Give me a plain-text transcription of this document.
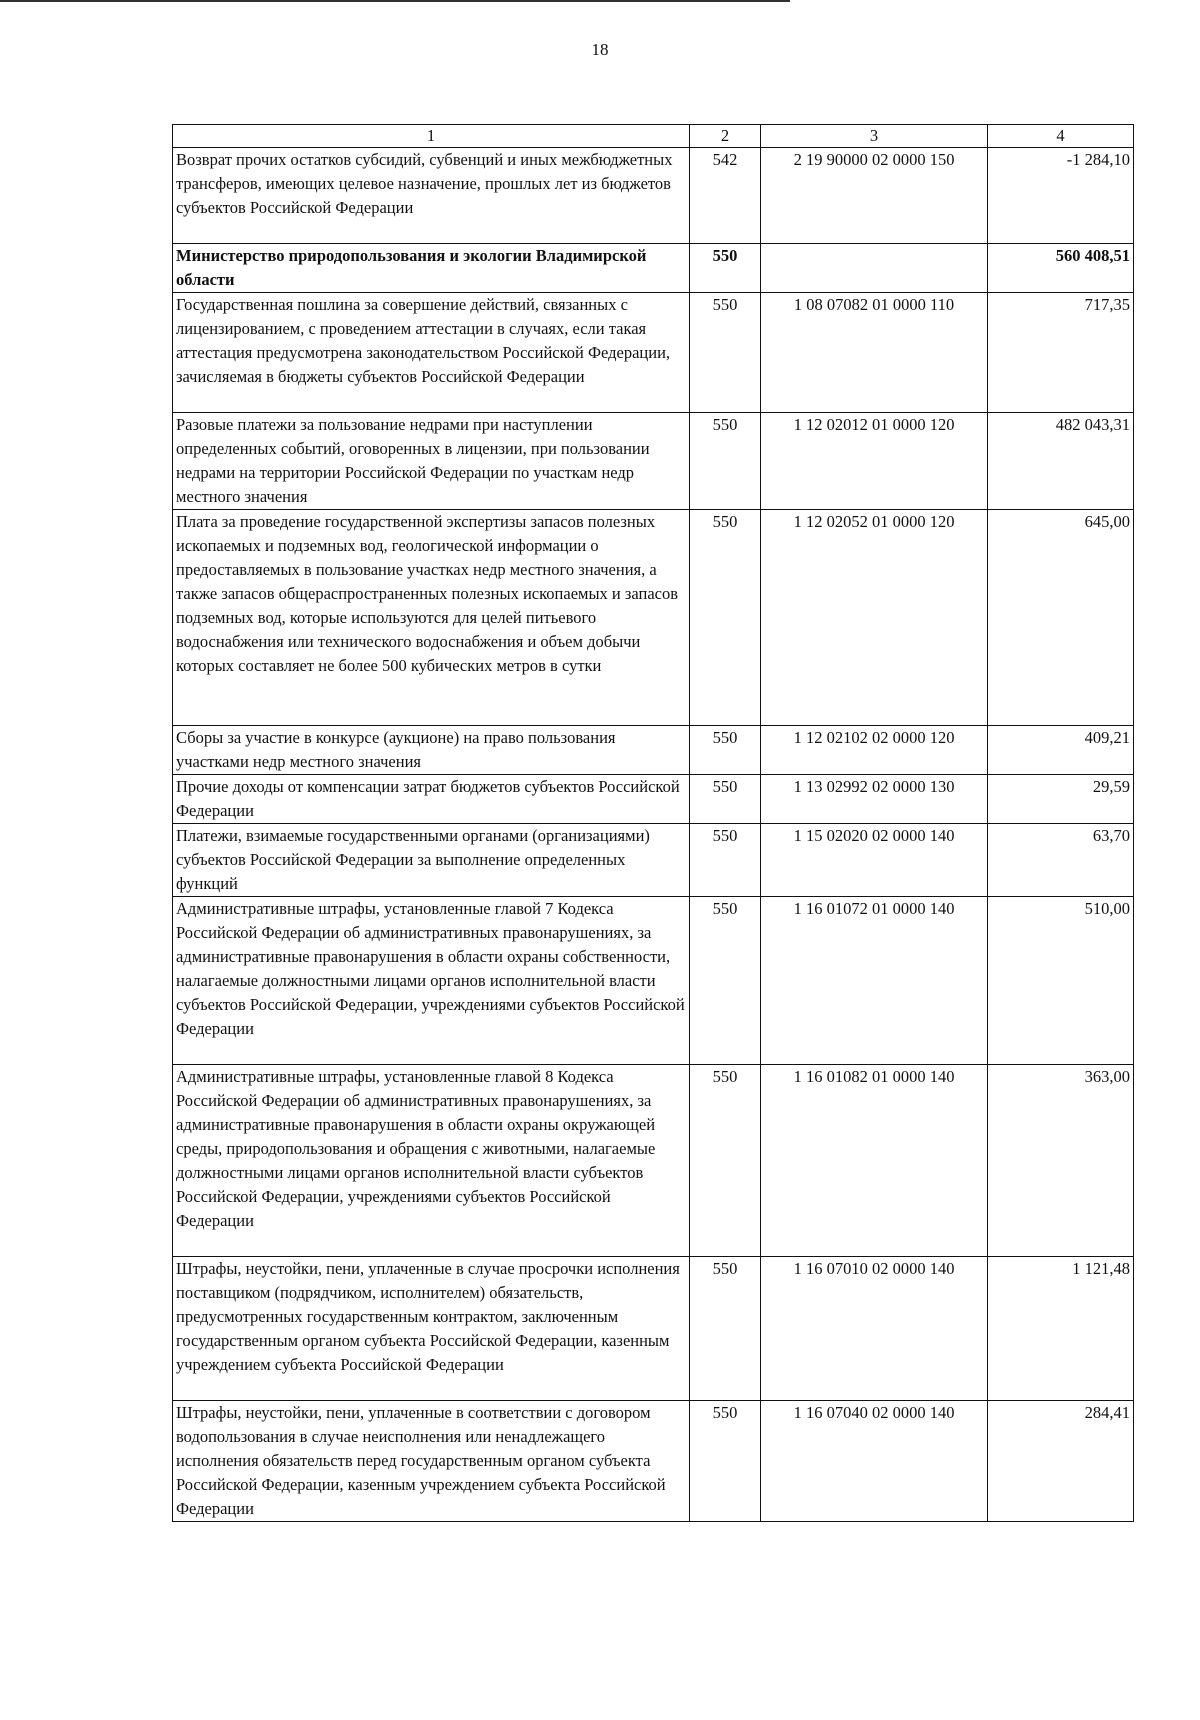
18
1	2	3	4
Возврат прочих остатков субсидий, субвенций и иных межбюджетных трансферов, имеющих целевое назначение, прошлых лет из бюджетов субъектов Российской Федерации	542	2 19 90000 02 0000 150	-1 284,10
Министерство природопользования и экологии Владимирской области	550		560 408,51
Государственная пошлина за совершение действий, связанных с лицензированием, с проведением аттестации в случаях, если такая аттестация предусмотрена законодательством Российской Федерации, зачисляемая в бюджеты субъектов Российской Федерации	550	1 08 07082 01 0000 110	717,35
Разовые платежи за пользование недрами при наступлении определенных событий, оговоренных в лицензии, при пользовании недрами на территории Российской Федерации по участкам недр местного значения	550	1 12 02012 01 0000 120	482 043,31
Плата за проведение государственной экспертизы запасов полезных ископаемых и подземных вод, геологической информации о предоставляемых в пользование участках недр местного значения, а также запасов общераспространенных полезных ископаемых и запасов подземных вод, которые используются для целей питьевого водоснабжения или технического водоснабжения и объем добычи которых составляет не более 500 кубических метров в сутки	550	1 12 02052 01 0000 120	645,00
Сборы за участие в конкурсе (аукционе) на право пользования участками недр местного значения	550	1 12 02102 02 0000 120	409,21
Прочие доходы от компенсации затрат бюджетов субъектов Российской Федерации	550	1 13 02992 02 0000 130	29,59
Платежи, взимаемые государственными органами (организациями) субъектов Российской Федерации за выполнение определенных функций	550	1 15 02020 02 0000 140	63,70
Административные штрафы, установленные главой 7 Кодекса Российской Федерации об административных правонарушениях, за административные правонарушения в области охраны собственности, налагаемые должностными лицами органов исполнительной власти субъектов Российской Федерации, учреждениями субъектов Российской Федерации	550	1 16 01072 01 0000 140	510,00
Административные штрафы, установленные главой 8 Кодекса Российской Федерации об административных правонарушениях, за административные правонарушения в области охраны окружающей среды, природопользования и обращения с животными, налагаемые должностными лицами органов исполнительной власти субъектов Российской Федерации, учреждениями субъектов Российской Федерации	550	1 16 01082 01 0000 140	363,00
Штрафы, неустойки, пени, уплаченные в случае просрочки исполнения поставщиком (подрядчиком, исполнителем) обязательств, предусмотренных государственным контрактом, заключенным государственным органом субъекта Российской Федерации, казенным учреждением субъекта Российской Федерации	550	1 16 07010 02 0000 140	1 121,48
Штрафы, неустойки, пени, уплаченные в соответствии с договором водопользования в случае неисполнения или ненадлежащего исполнения обязательств перед государственным органом субъекта Российской Федерации, казенным учреждением субъекта Российской Федерации	550	1 16 07040 02 0000 140	284,41
